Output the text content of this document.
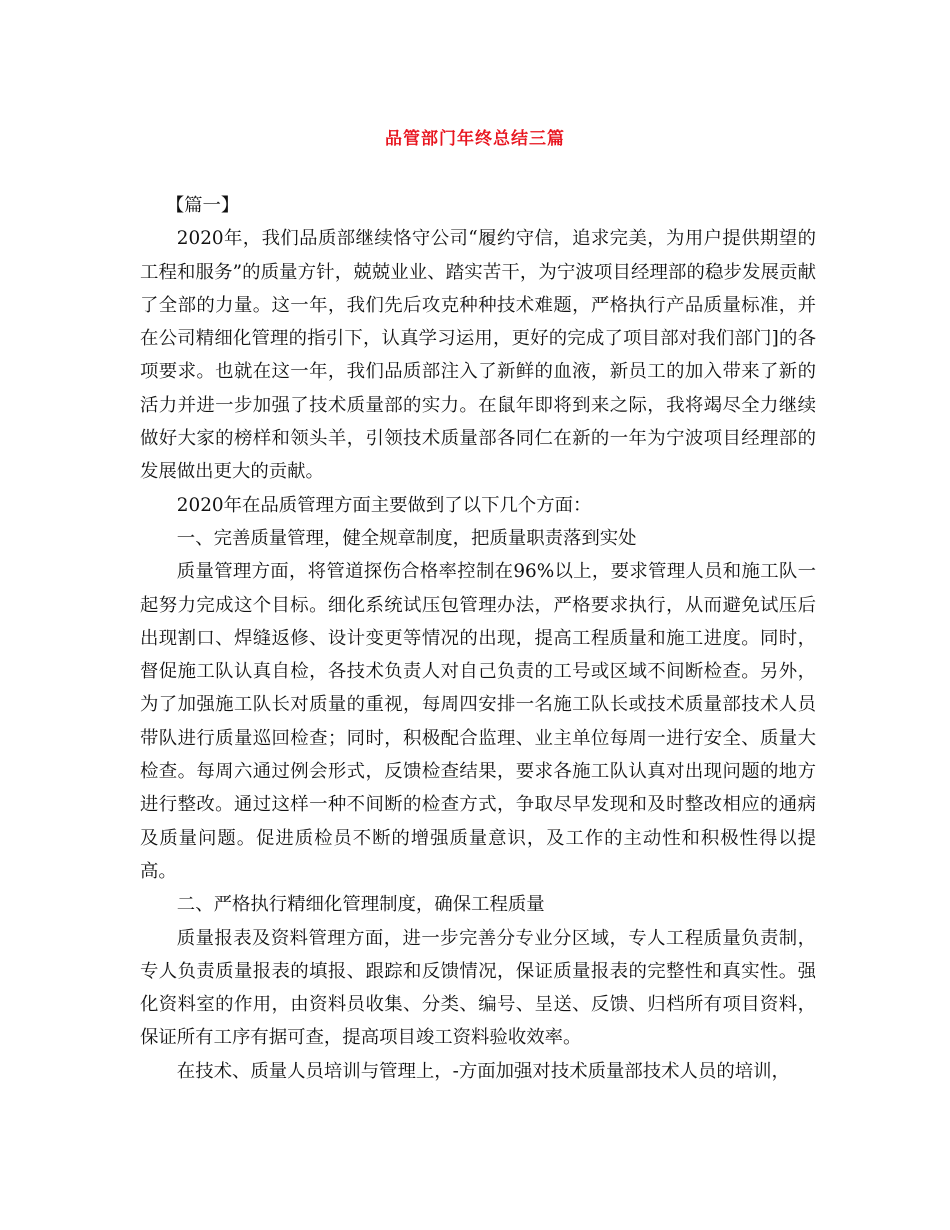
品管部门年终总结三篇

【篇一】

2020年，我们品质部继续恪守公司“履约守信，追求完美，为用户提供期望的工程和服务”的质量方针，兢兢业业、踏实苦干，为宁波项目经理部的稳步发展贡献了全部的力量。这一年，我们先后攻克种种技术难题，严格执行产品质量标准，并在公司精细化管理的指引下，认真学习运用，更好的完成了项目部对我们部门]的各项要求。也就在这一年，我们品质部注入了新鲜的血液，新员工的加入带来了新的活力并进一步加强了技术质量部的实力。在鼠年即将到来之际，我将竭尽全力继续做好大家的榜样和领头羊，引领技术质量部各同仁在新的一年为宁波项目经理部的发展做出更大的贡献。

2020年在品质管理方面主要做到了以下几个方面：

一、完善质量管理，健全规章制度，把质量职责落到实处

质量管理方面，将管道探伤合格率控制在96%以上，要求管理人员和施工队一起努力完成这个目标。细化系统试压包管理办法，严格要求执行，从而避免试压后出现割口、焊缝返修、设计变更等情况的出现，提高工程质量和施工进度。同时，督促施工队认真自检，各技术负责人对自己负责的工号或区域不间断检查。另外，为了加强施工队长对质量的重视，每周四安排一名施工队长或技术质量部技术人员带队进行质量巡回检查；同时，积极配合监理、业主单位每周一进行安全、质量大检查。每周六通过例会形式，反馈检查结果，要求各施工队认真对出现问题的地方进行整改。通过这样一种不间断的检查方式，争取尽早发现和及时整改相应的通病及质量问题。促进质检员不断的增强质量意识，及工作的主动性和积极性得以提高。

二、严格执行精细化管理制度，确保工程质量

质量报表及资料管理方面，进一步完善分专业分区域，专人工程质量负责制，专人负责质量报表的填报、跟踪和反馈情况，保证质量报表的完整性和真实性。强化资料室的作用，由资料员收集、分类、编号、呈送、反馈、归档所有项目资料，保证所有工序有据可查，提高项目竣工资料验收效率。

在技术、质量人员培训与管理上，-方面加强对技术质量部技术人员的培训，
